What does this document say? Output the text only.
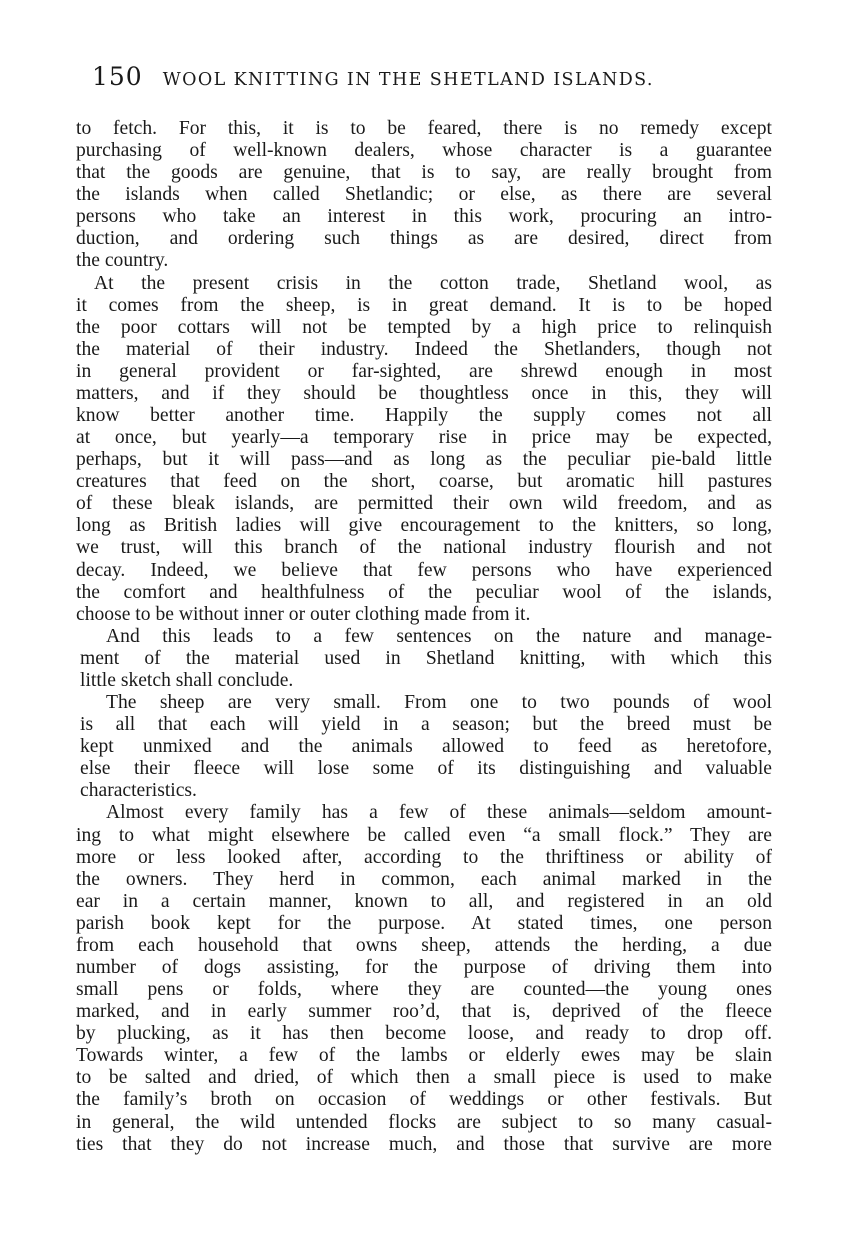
150 WOOL KNITTING IN THE SHETLAND ISLANDS.
to fetch. For this, it is to be feared, there is no remedy except
purchasing of well-known dealers, whose character is a guarantee
that the goods are genuine, that is to say, are really brought from
the islands when called Shetlandic; or else, as there are several
persons who take an interest in this work, procuring an intro-
duction, and ordering such things as are desired, direct from
the country.
At the present crisis in the cotton trade, Shetland wool, as
it comes from the sheep, is in great demand. It is to be hoped
the poor cottars will not be tempted by a high price to relinquish
the material of their industry. Indeed the Shetlanders, though not
in general provident or far-sighted, are shrewd enough in most
matters, and if they should be thoughtless once in this, they will
know better another time. Happily the supply comes not all
at once, but yearly—a temporary rise in price may be expected,
perhaps, but it will pass—and as long as the peculiar pie-bald little
creatures that feed on the short, coarse, but aromatic hill pastures
of these bleak islands, are permitted their own wild freedom, and as
long as British ladies will give encouragement to the knitters, so long,
we trust, will this branch of the national industry flourish and not
decay. Indeed, we believe that few persons who have experienced
the comfort and healthfulness of the peculiar wool of the islands,
choose to be without inner or outer clothing made from it.
And this leads to a few sentences on the nature and manage-
ment of the material used in Shetland knitting, with which this
little sketch shall conclude.
The sheep are very small. From one to two pounds of wool
is all that each will yield in a season; but the breed must be
kept unmixed and the animals allowed to feed as heretofore,
else their fleece will lose some of its distinguishing and valuable
characteristics.
Almost every family has a few of these animals—seldom amount-
ing to what might elsewhere be called even “a small flock.” They are
more or less looked after, according to the thriftiness or ability of
the owners. They herd in common, each animal marked in the
ear in a certain manner, known to all, and registered in an old
parish book kept for the purpose. At stated times, one person
from each household that owns sheep, attends the herding, a due
number of dogs assisting, for the purpose of driving them into
small pens or folds, where they are counted—the young ones
marked, and in early summer roo’d, that is, deprived of the fleece
by plucking, as it has then become loose, and ready to drop off.
Towards winter, a few of the lambs or elderly ewes may be slain
to be salted and dried, of which then a small piece is used to make
the family’s broth on occasion of weddings or other festivals. But
in general, the wild untended flocks are subject to so many casual-
ties that they do not increase much, and those that survive are more
